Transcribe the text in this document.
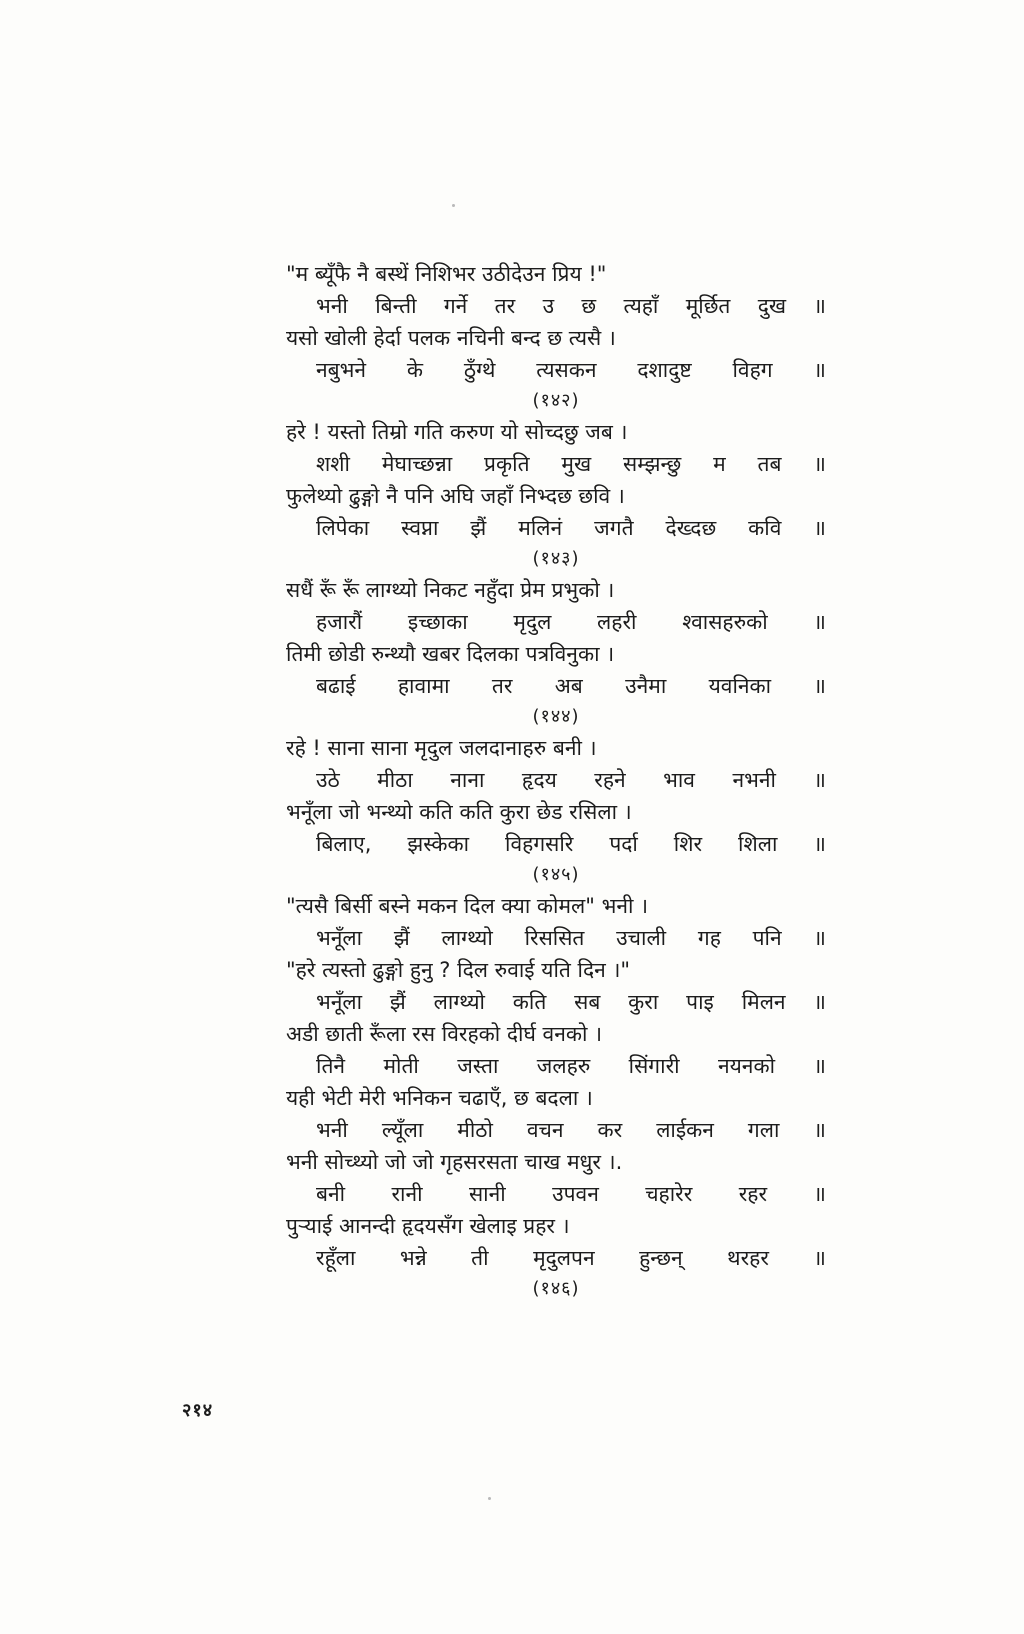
"म ब्यूँफै नै बस्थें निशिभर उठीदेउन प्रिय !"
भनी बिन्ती गर्ने तर उ छ त्यहाँ मूर्छित दुख ॥
यसो खोली हेर्दा पलक नचिनी बन्द छ त्यसै ।
नबुभने के ठुँग्थे त्यसकन दशादुष्ट विहग ॥
(१४२)
हरे ! यस्तो तिम्रो गति करुण यो सोच्दछु जब ।
शशी मेघाच्छन्ना प्रकृति मुख सम्झन्छु म तब ॥
फुलेथ्यो ढुङ्गो नै पनि अघि जहाँ निभ्दछ छवि ।
लिपेका स्वप्ना झैं मलिनं जगतै देख्दछ कवि ॥
(१४३)
सधैं रूँ रूँ लाग्थ्यो निकट नहुँदा प्रेम प्रभुको ।
हजारौं इच्छाका मृदुल लहरी श्वासहरुको ॥
तिमी छोडी रुन्थ्यौ खबर दिलका पत्रविनुका ।
बढाई हावामा तर अब उनैमा यवनिका ॥
(१४४)
रहे ! साना साना मृदुल जलदानाहरु बनी ।
उठे मीठा नाना हृदय रहने भाव नभनी ॥
भनूँला जो भन्थ्यो कति कति कुरा छेड रसिला ।
बिलाए, झस्केका विहगसरि पर्दा शिर शिला ॥
(१४५)
"त्यसै बिर्सी बस्ने मकन दिल क्या कोमल" भनी ।
भनूँला झैं लाग्थ्यो रिससित उचाली गह पनि ॥
"हरे त्यस्तो ढुङ्गो हुनु ? दिल रुवाई यति दिन ।"
भनूँला झैं लाग्थ्यो कति सब कुरा पाइ मिलन ॥
अडी छाती रूँला रस विरहको दीर्घ वनको ।
तिनै मोती जस्ता जलहरु सिंगारी नयनको ॥
यही भेटी मेरी भनिकन चढाएँ, छ बदला ।
भनी ल्यूँला मीठो वचन कर लाईकन गला ॥
भनी सोच्थ्यो जो जो गृहसरसता चाख मधुर ।.
बनी रानी सानी उपवन चहारेर रहर ॥
पुऱ्याई आनन्दी हृदयसँग खेलाइ प्रहर ।
रहूँला भन्ने ती मृदुलपन हुन्छन् थरहर ॥
(१४६)
२१४
